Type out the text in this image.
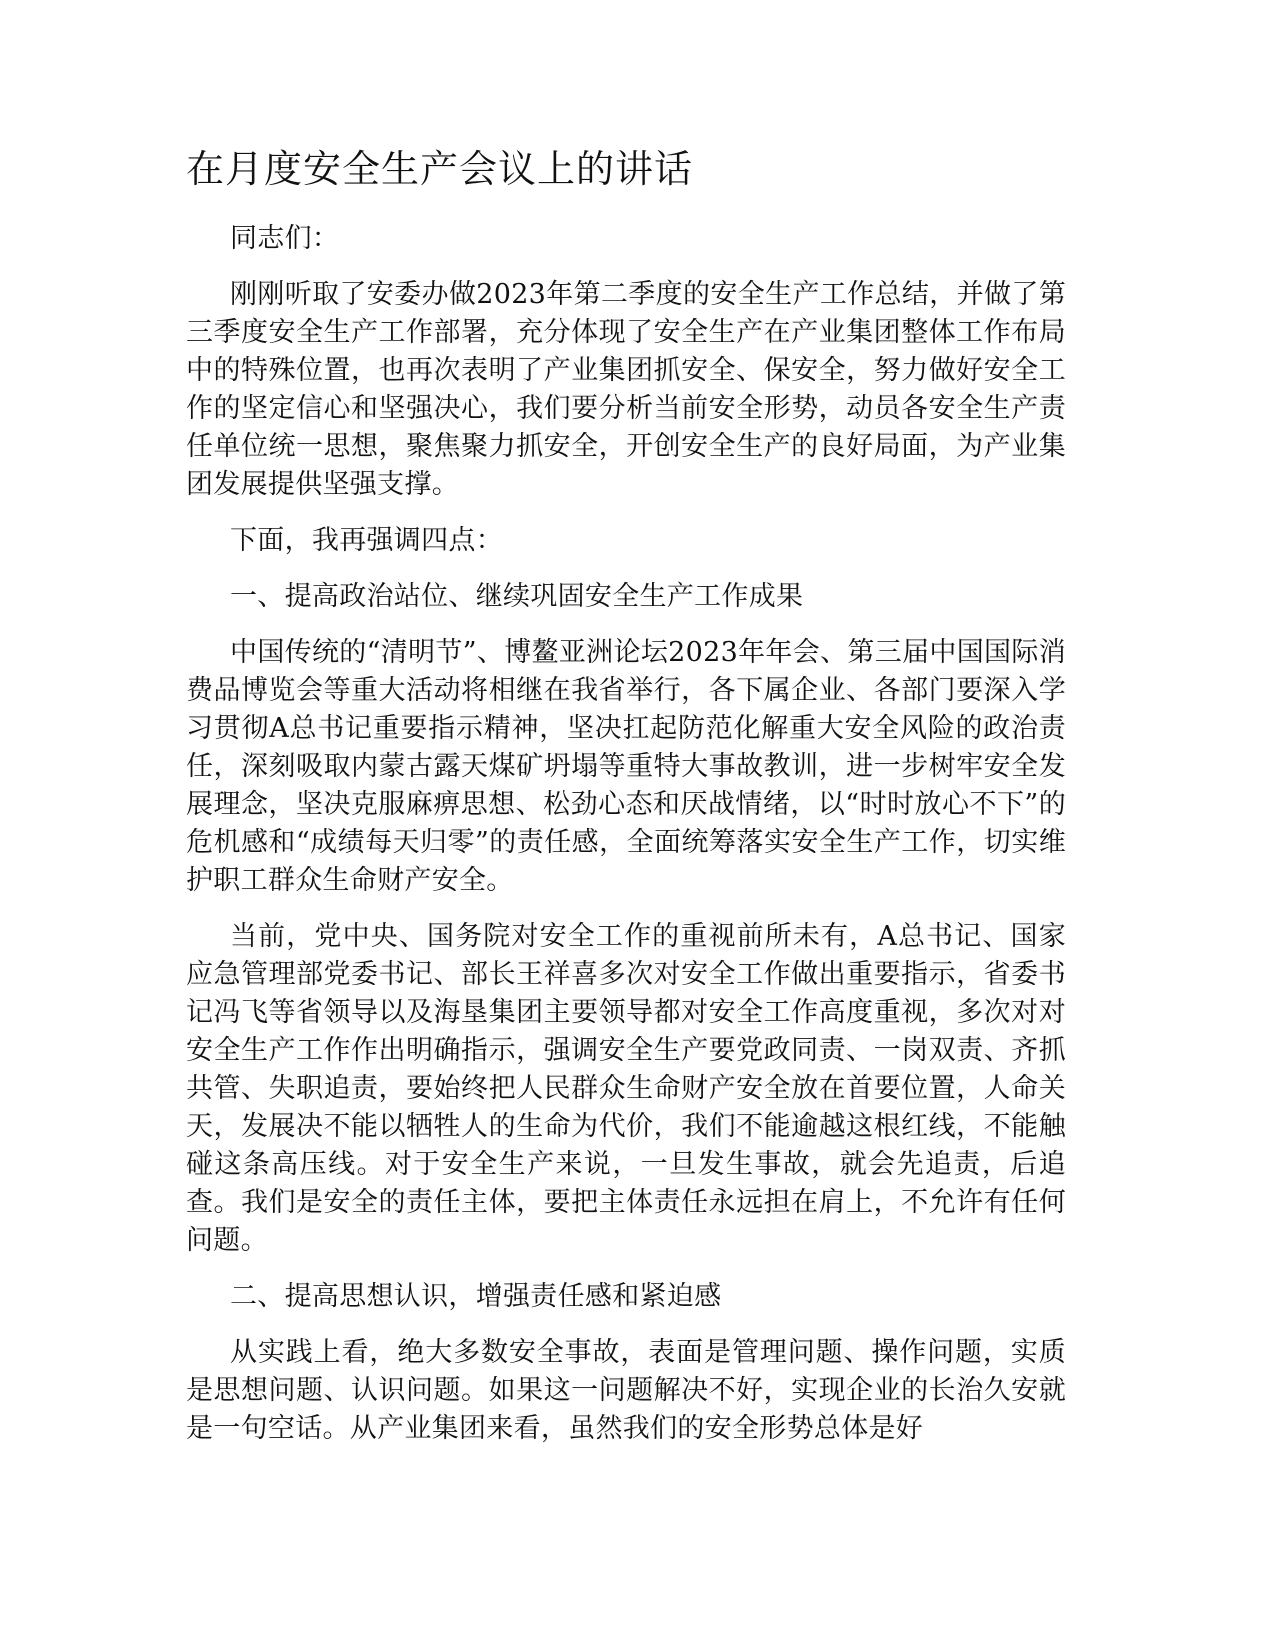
在月度安全生产会议上的讲话

同志们：

刚刚听取了安委办做2023年第二季度的安全生产工作总结，并做了第三季度安全生产工作部署，充分体现了安全生产在产业集团整体工作布局中的特殊位置，也再次表明了产业集团抓安全、保安全，努力做好安全工作的坚定信心和坚强决心，我们要分析当前安全形势，动员各安全生产责任单位统一思想，聚焦聚力抓安全，开创安全生产的良好局面，为产业集团发展提供坚强支撑。

下面，我再强调四点：

一、提高政治站位、继续巩固安全生产工作成果

中国传统的“清明节”、博鳌亚洲论坛2023年年会、第三届中国国际消费品博览会等重大活动将相继在我省举行，各下属企业、各部门要深入学习贯彻A总书记重要指示精神，坚决扛起防范化解重大安全风险的政治责任，深刻吸取内蒙古露天煤矿坍塌等重特大事故教训，进一步树牢安全发展理念，坚决克服麻痹思想、松劲心态和厌战情绪，以“时时放心不下”的危机感和“成绩每天归零”的责任感，全面统筹落实安全生产工作，切实维护职工群众生命财产安全。

当前，党中央、国务院对安全工作的重视前所未有，A总书记、国家应急管理部党委书记、部长王祥喜多次对安全工作做出重要指示，省委书记冯飞等省领导以及海垦集团主要领导都对安全工作高度重视，多次对对安全生产工作作出明确指示，强调安全生产要党政同责、一岗双责、齐抓共管、失职追责，要始终把人民群众生命财产安全放在首要位置，人命关天，发展决不能以牺牲人的生命为代价，我们不能逾越这根红线，不能触碰这条高压线。对于安全生产来说，一旦发生事故，就会先追责，后追查。我们是安全的责任主体，要把主体责任永远担在肩上，不允许有任何问题。

二、提高思想认识，增强责任感和紧迫感

从实践上看，绝大多数安全事故，表面是管理问题、操作问题，实质是思想问题、认识问题。如果这一问题解决不好，实现企业的长治久安就是一句空话。从产业集团来看，虽然我们的安全形势总体是好
